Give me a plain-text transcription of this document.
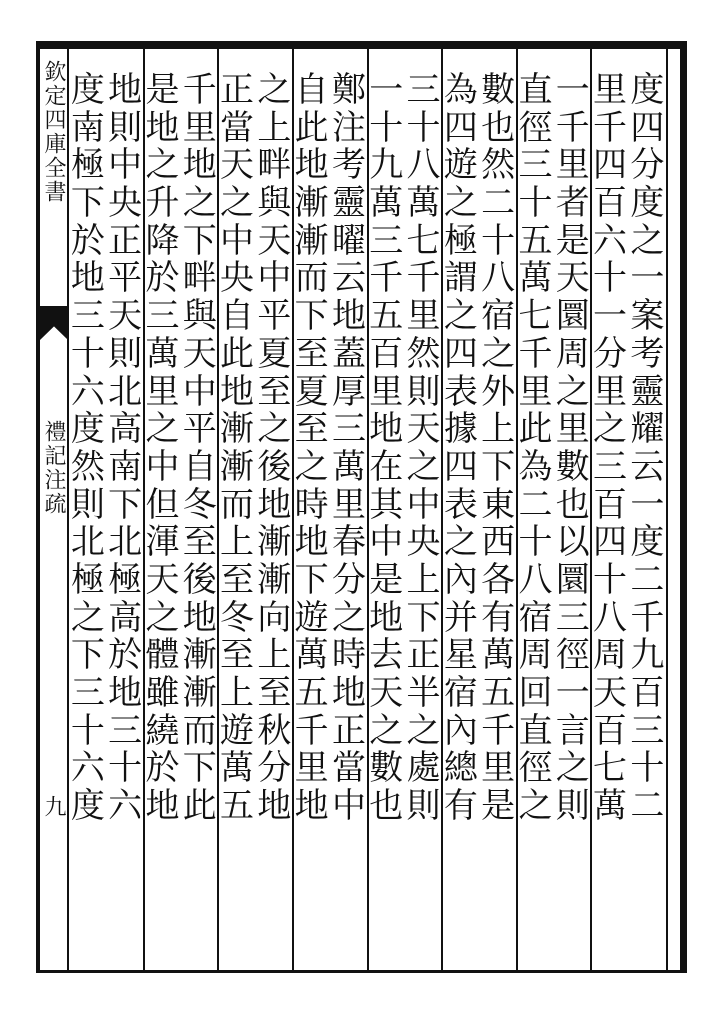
欽定四庫全書
禮記注疏
九
度
四
分
度
之
一
案
考
靈
耀
云
一
度
二
千
九
百
三
十
二
里
千
四
百
六
十
一
分
里
之
三
百
四
十
八
周
天
百
七
萬
一
千
里
者
是
天
圜
周
之
里
數
也
以
圜
三
徑
一
言
之
則
直
徑
三
十
五
萬
七
千
里
此
為
二
十
八
宿
周
回
直
徑
之
數
也
然
二
十
八
宿
之
外
上
下
東
西
各
有
萬
五
千
里
是
為
四
遊
之
極
謂
之
四
表
據
四
表
之
內
并
星
宿
內
總
有
三
十
八
萬
七
千
里
然
則
天
之
中
央
上
下
正
半
之
處
則
一
十
九
萬
三
千
五
百
里
地
在
其
中
是
地
去
天
之
數
也
鄭
注
考
靈
曜
云
地
蓋
厚
三
萬
里
春
分
之
時
地
正
當
中
自
此
地
漸
漸
而
下
至
夏
至
之
時
地
下
遊
萬
五
千
里
地
之
上
畔
與
天
中
平
夏
至
之
後
地
漸
漸
向
上
至
秋
分
地
正
當
天
之
中
央
自
此
地
漸
漸
而
上
至
冬
至
上
遊
萬
五
千
里
地
之
下
畔
與
天
中
平
自
冬
至
後
地
漸
漸
而
下
此
是
地
之
升
降
於
三
萬
里
之
中
但
渾
天
之
體
雖
繞
於
地
地
則
中
央
正
平
天
則
北
高
南
下
北
極
高
於
地
三
十
六
度
南
極
下
於
地
三
十
六
度
然
則
北
極
之
下
三
十
六
度
